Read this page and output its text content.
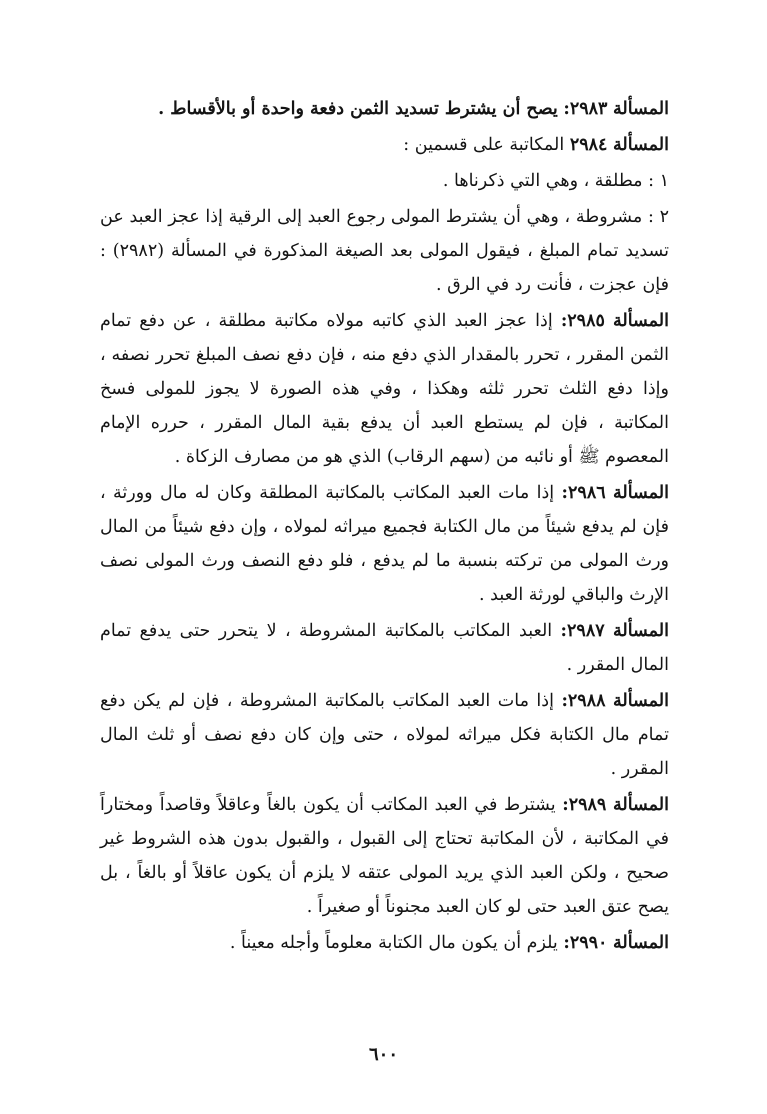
المسألة ٢٩٨٣: يصح أن يشترط تسديد الثمن دفعة واحدة أو بالأقساط .

المسألة ٢٩٨٤ المكاتبة على قسمين :

١ : مطلقة ، وهي التي ذكرناها .

٢ : مشروطة ، وهي أن يشترط المولى رجوع العبد إلى الرقية إذا عجز العبد عن تسديد تمام المبلغ ، فيقول المولى بعد الصيغة المذكورة في المسألة (٢٩٨٢) : فإن عجزت ، فأنت رد في الرق .

المسألة ٢٩٨٥: إذا عجز العبد الذي كاتبه مولاه مكاتبة مطلقة ، عن دفع تمام الثمن المقرر ، تحرر بالمقدار الذي دفع منه ، فإن دفع نصف المبلغ تحرر نصفه ، وإذا دفع الثلث تحرر ثلثه وهكذا ، وفي هذه الصورة لا يجوز للمولى فسخ المكاتبة ، فإن لم يستطع العبد أن يدفع بقية المال المقرر ، حرره الإمام المعصوم ﷺ أو نائبه من (سهم الرقاب) الذي هو من مصارف الزكاة .

المسألة ٢٩٨٦: إذا مات العبد المكاتب بالمكاتبة المطلقة وكان له مال وورثة ، فإن لم يدفع شيئاً من مال الكتابة فجميع ميراثه لمولاه ، وإن دفع شيئاً من المال ورث المولى من تركته بنسبة ما لم يدفع ، فلو دفع النصف ورث المولى نصف الإرث والباقي لورثة العبد .

المسألة ٢٩٨٧: العبد المكاتب بالمكاتبة المشروطة ، لا يتحرر حتى يدفع تمام المال المقرر .

المسألة ٢٩٨٨: إذا مات العبد المكاتب بالمكاتبة المشروطة ، فإن لم يكن دفع تمام مال الكتابة فكل ميراثه لمولاه ، حتى وإن كان دفع نصف أو ثلث المال المقرر .

المسألة ٢٩٨٩: يشترط في العبد المكاتب أن يكون بالغاً وعاقلاً وقاصداً ومختاراً في المكاتبة ، لأن المكاتبة تحتاج إلى القبول ، والقبول بدون هذه الشروط غير صحيح ، ولكن العبد الذي يريد المولى عتقه لا يلزم أن يكون عاقلاً أو بالغاً ، بل يصح عتق العبد حتى لو كان العبد مجنوناً أو صغيراً .

المسألة ٢٩٩٠: يلزم أن يكون مال الكتابة معلوماً وأجله معيناً .

٦٠٠
